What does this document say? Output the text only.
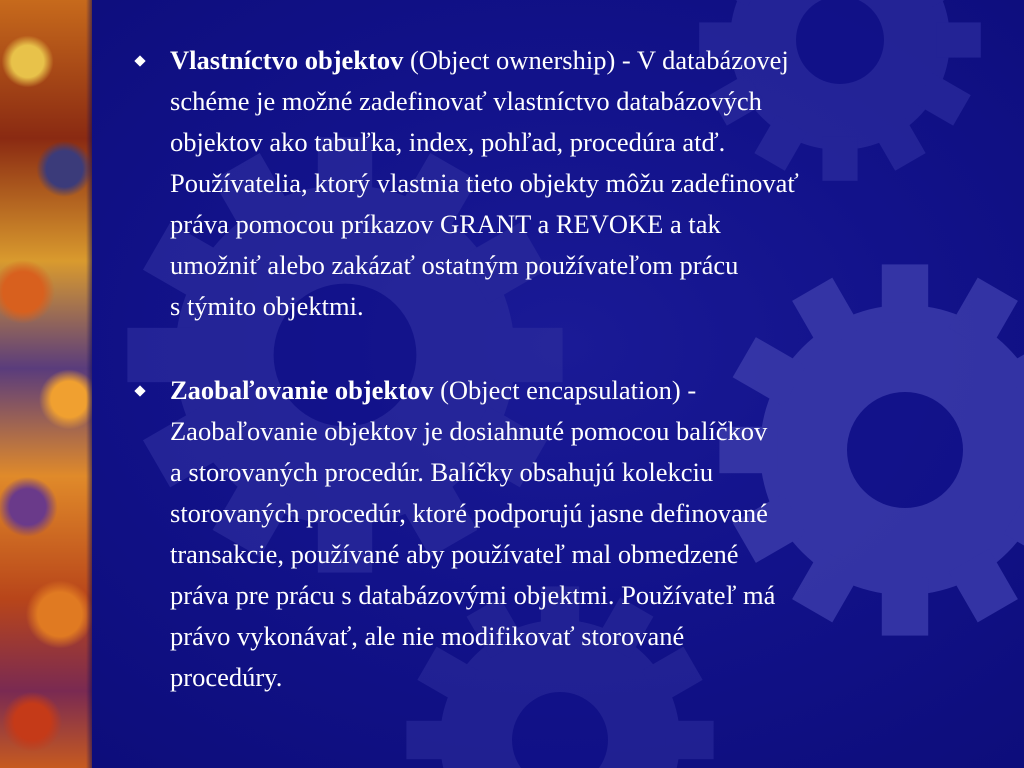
Vlastníctvo objektov (Object ownership) - V databázovej
schéme je možné zadefinovať vlastníctvo databázových
objektov ako tabuľka, index, pohľad, procedúra atď.
Používatelia, ktorý vlastnia tieto objekty môžu zadefinovať
práva pomocou príkazov GRANT a REVOKE a tak
umožniť alebo zakázať ostatným používateľom prácu
s týmito objektmi.
Zaobaľovanie objektov (Object encapsulation) -
Zaobaľovanie objektov je dosiahnuté pomocou balíčkov
a storovaných procedúr. Balíčky obsahujú kolekciu
storovaných procedúr, ktoré podporujú jasne definované
transakcie, používané aby používateľ mal obmedzené
práva pre prácu s databázovými objektmi. Používateľ má
právo vykonávať, ale nie modifikovať storované
procedúry.
